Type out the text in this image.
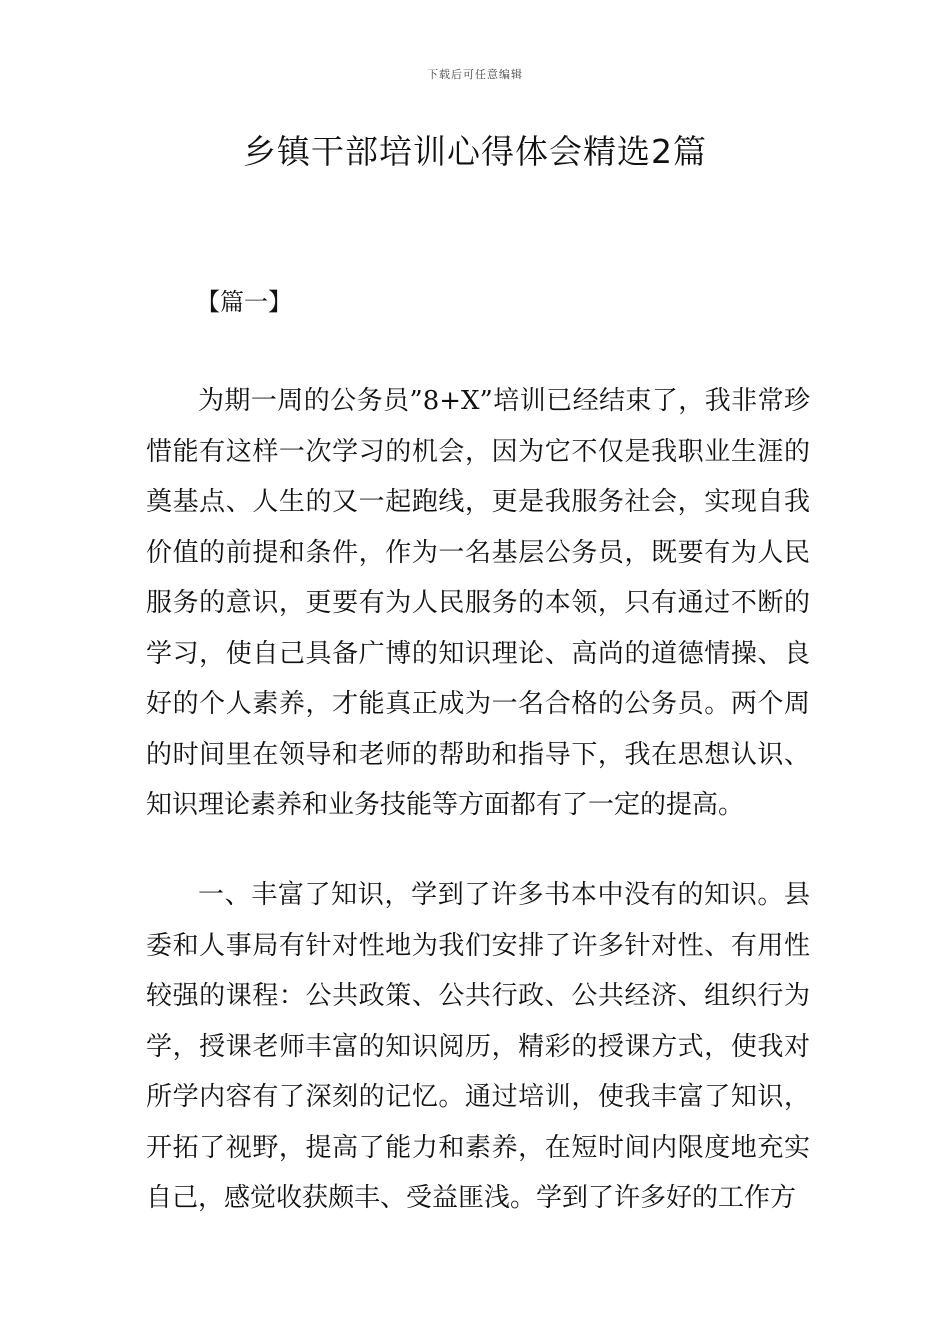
下载后可任意编辑
乡镇干部培训心得体会精选2篇

【篇一】

为期一周的公务员”8+X”培训已经结束了，我非常珍惜能有这样一次学习的机会，因为它不仅是我职业生涯的奠基点、人生的又一起跑线，更是我服务社会，实现自我价值的前提和条件，作为一名基层公务员，既要有为人民服务的意识，更要有为人民服务的本领，只有通过不断的学习，使自己具备广博的知识理论、高尚的道德情操、良好的个人素养，才能真正成为一名合格的公务员。两个周的时间里在领导和老师的帮助和指导下，我在思想认识、知识理论素养和业务技能等方面都有了一定的提高。

一、丰富了知识，学到了许多书本中没有的知识。县委和人事局有针对性地为我们安排了许多针对性、有用性较强的课程：公共政策、公共行政、公共经济、组织行为学，授课老师丰富的知识阅历，精彩的授课方式，使我对所学内容有了深刻的记忆。通过培训，使我丰富了知识，开拓了视野，提高了能力和素养，在短时间内限度地充实自己，感觉收获颇丰、受益匪浅。学到了许多好的工作方
